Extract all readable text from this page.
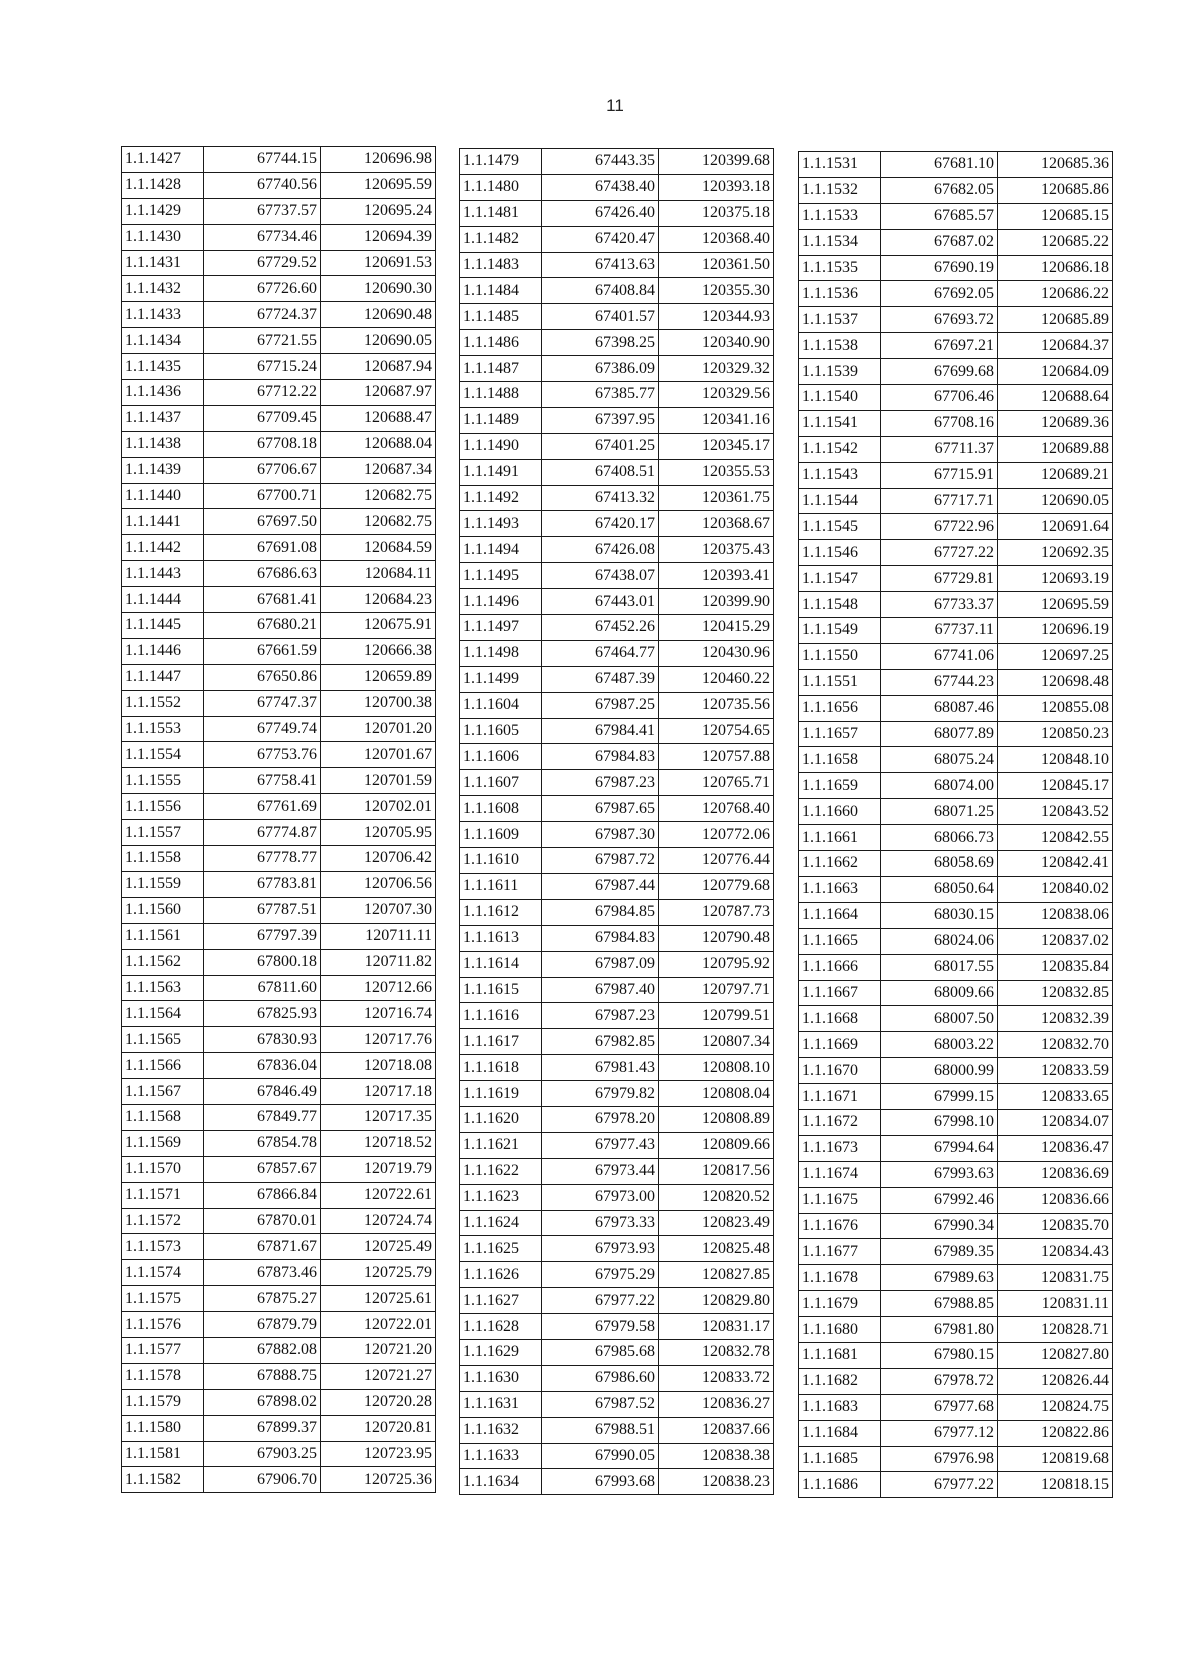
11
1.1.1427	67744.15	120696.98
1.1.1428	67740.56	120695.59
1.1.1429	67737.57	120695.24
1.1.1430	67734.46	120694.39
1.1.1431	67729.52	120691.53
1.1.1432	67726.60	120690.30
1.1.1433	67724.37	120690.48
1.1.1434	67721.55	120690.05
1.1.1435	67715.24	120687.94
1.1.1436	67712.22	120687.97
1.1.1437	67709.45	120688.47
1.1.1438	67708.18	120688.04
1.1.1439	67706.67	120687.34
1.1.1440	67700.71	120682.75
1.1.1441	67697.50	120682.75
1.1.1442	67691.08	120684.59
1.1.1443	67686.63	120684.11
1.1.1444	67681.41	120684.23
1.1.1445	67680.21	120675.91
1.1.1446	67661.59	120666.38
1.1.1447	67650.86	120659.89
1.1.1552	67747.37	120700.38
1.1.1553	67749.74	120701.20
1.1.1554	67753.76	120701.67
1.1.1555	67758.41	120701.59
1.1.1556	67761.69	120702.01
1.1.1557	67774.87	120705.95
1.1.1558	67778.77	120706.42
1.1.1559	67783.81	120706.56
1.1.1560	67787.51	120707.30
1.1.1561	67797.39	120711.11
1.1.1562	67800.18	120711.82
1.1.1563	67811.60	120712.66
1.1.1564	67825.93	120716.74
1.1.1565	67830.93	120717.76
1.1.1566	67836.04	120718.08
1.1.1567	67846.49	120717.18
1.1.1568	67849.77	120717.35
1.1.1569	67854.78	120718.52
1.1.1570	67857.67	120719.79
1.1.1571	67866.84	120722.61
1.1.1572	67870.01	120724.74
1.1.1573	67871.67	120725.49
1.1.1574	67873.46	120725.79
1.1.1575	67875.27	120725.61
1.1.1576	67879.79	120722.01
1.1.1577	67882.08	120721.20
1.1.1578	67888.75	120721.27
1.1.1579	67898.02	120720.28
1.1.1580	67899.37	120720.81
1.1.1581	67903.25	120723.95
1.1.1582	67906.70	120725.36
1.1.1479	67443.35	120399.68
1.1.1480	67438.40	120393.18
1.1.1481	67426.40	120375.18
1.1.1482	67420.47	120368.40
1.1.1483	67413.63	120361.50
1.1.1484	67408.84	120355.30
1.1.1485	67401.57	120344.93
1.1.1486	67398.25	120340.90
1.1.1487	67386.09	120329.32
1.1.1488	67385.77	120329.56
1.1.1489	67397.95	120341.16
1.1.1490	67401.25	120345.17
1.1.1491	67408.51	120355.53
1.1.1492	67413.32	120361.75
1.1.1493	67420.17	120368.67
1.1.1494	67426.08	120375.43
1.1.1495	67438.07	120393.41
1.1.1496	67443.01	120399.90
1.1.1497	67452.26	120415.29
1.1.1498	67464.77	120430.96
1.1.1499	67487.39	120460.22
1.1.1604	67987.25	120735.56
1.1.1605	67984.41	120754.65
1.1.1606	67984.83	120757.88
1.1.1607	67987.23	120765.71
1.1.1608	67987.65	120768.40
1.1.1609	67987.30	120772.06
1.1.1610	67987.72	120776.44
1.1.1611	67987.44	120779.68
1.1.1612	67984.85	120787.73
1.1.1613	67984.83	120790.48
1.1.1614	67987.09	120795.92
1.1.1615	67987.40	120797.71
1.1.1616	67987.23	120799.51
1.1.1617	67982.85	120807.34
1.1.1618	67981.43	120808.10
1.1.1619	67979.82	120808.04
1.1.1620	67978.20	120808.89
1.1.1621	67977.43	120809.66
1.1.1622	67973.44	120817.56
1.1.1623	67973.00	120820.52
1.1.1624	67973.33	120823.49
1.1.1625	67973.93	120825.48
1.1.1626	67975.29	120827.85
1.1.1627	67977.22	120829.80
1.1.1628	67979.58	120831.17
1.1.1629	67985.68	120832.78
1.1.1630	67986.60	120833.72
1.1.1631	67987.52	120836.27
1.1.1632	67988.51	120837.66
1.1.1633	67990.05	120838.38
1.1.1634	67993.68	120838.23
1.1.1531	67681.10	120685.36
1.1.1532	67682.05	120685.86
1.1.1533	67685.57	120685.15
1.1.1534	67687.02	120685.22
1.1.1535	67690.19	120686.18
1.1.1536	67692.05	120686.22
1.1.1537	67693.72	120685.89
1.1.1538	67697.21	120684.37
1.1.1539	67699.68	120684.09
1.1.1540	67706.46	120688.64
1.1.1541	67708.16	120689.36
1.1.1542	67711.37	120689.88
1.1.1543	67715.91	120689.21
1.1.1544	67717.71	120690.05
1.1.1545	67722.96	120691.64
1.1.1546	67727.22	120692.35
1.1.1547	67729.81	120693.19
1.1.1548	67733.37	120695.59
1.1.1549	67737.11	120696.19
1.1.1550	67741.06	120697.25
1.1.1551	67744.23	120698.48
1.1.1656	68087.46	120855.08
1.1.1657	68077.89	120850.23
1.1.1658	68075.24	120848.10
1.1.1659	68074.00	120845.17
1.1.1660	68071.25	120843.52
1.1.1661	68066.73	120842.55
1.1.1662	68058.69	120842.41
1.1.1663	68050.64	120840.02
1.1.1664	68030.15	120838.06
1.1.1665	68024.06	120837.02
1.1.1666	68017.55	120835.84
1.1.1667	68009.66	120832.85
1.1.1668	68007.50	120832.39
1.1.1669	68003.22	120832.70
1.1.1670	68000.99	120833.59
1.1.1671	67999.15	120833.65
1.1.1672	67998.10	120834.07
1.1.1673	67994.64	120836.47
1.1.1674	67993.63	120836.69
1.1.1675	67992.46	120836.66
1.1.1676	67990.34	120835.70
1.1.1677	67989.35	120834.43
1.1.1678	67989.63	120831.75
1.1.1679	67988.85	120831.11
1.1.1680	67981.80	120828.71
1.1.1681	67980.15	120827.80
1.1.1682	67978.72	120826.44
1.1.1683	67977.68	120824.75
1.1.1684	67977.12	120822.86
1.1.1685	67976.98	120819.68
1.1.1686	67977.22	120818.15
